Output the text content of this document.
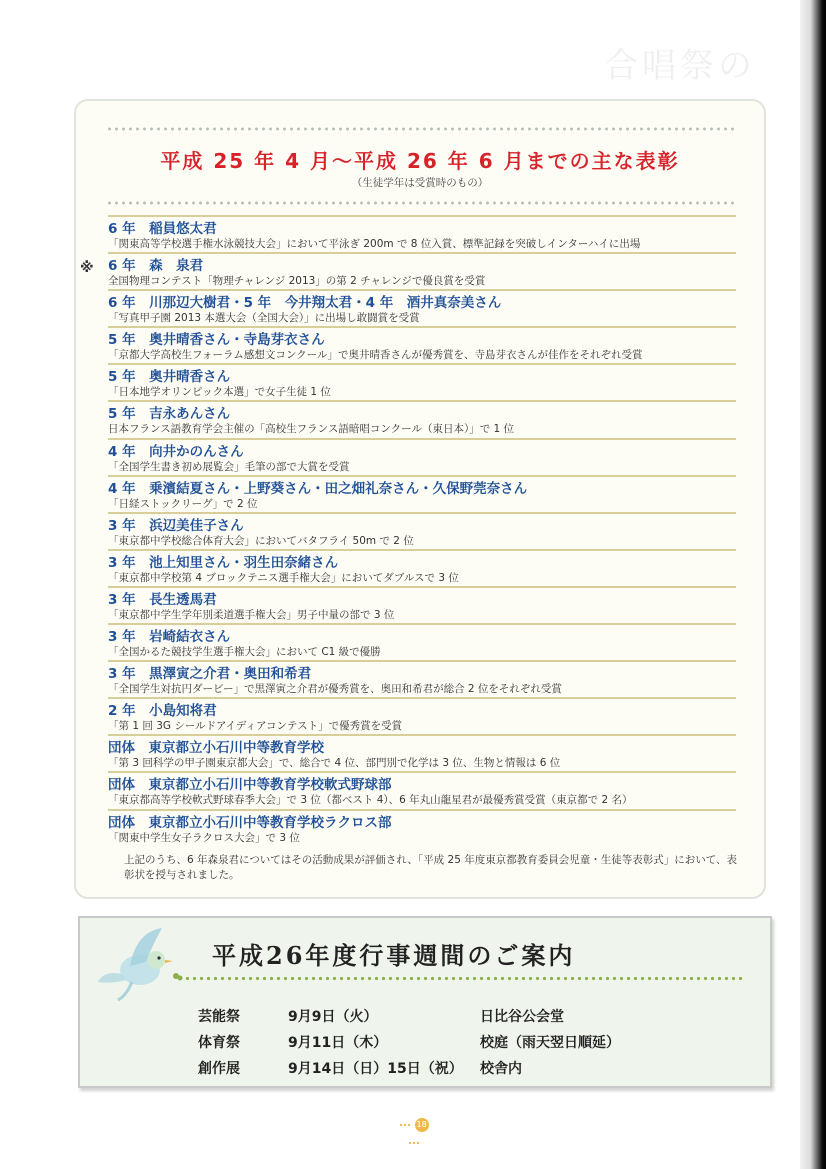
合唱祭の
平成 25 年 4 月～平成 26 年 6 月までの主な表彰
（生徒学年は受賞時のもの）
6 年　稲員悠太君
「関東高等学校選手権水泳競技大会」において平泳ぎ 200m で 8 位入賞、標準記録を突破しインターハイに出場
※ 6 年　森　泉君
全国物理コンテスト「物理チャレンジ 2013」の第 2 チャレンジで優良賞を受賞
6 年　川那辺大樹君・5 年　今井翔太君・4 年　酒井真奈美さん
「写真甲子園 2013 本選大会（全国大会）」に出場し敢闘賞を受賞
5 年　奥井晴香さん・寺島芽衣さん
「京都大学高校生フォーラム感想文コンクール」で奥井晴香さんが優秀賞を、寺島芽衣さんが佳作をそれぞれ受賞
5 年　奥井晴香さん
「日本地学オリンピック本選」で女子生徒 1 位
5 年　吉永あんさん
日本フランス語教育学会主催の「高校生フランス語暗唱コンクール（東日本）」で 1 位
4 年　向井かのんさん
「全国学生書き初め展覧会」毛筆の部で大賞を受賞
4 年　乗濱結夏さん・上野葵さん・田之畑礼奈さん・久保野莞奈さん
「日経ストックリーグ」で 2 位
3 年　浜辺美佳子さん
「東京都中学校総合体育大会」においてバタフライ 50m で 2 位
3 年　池上知里さん・羽生田奈緒さん
「東京都中学校第 4 ブロックテニス選手権大会」においてダブルスで 3 位
3 年　長生透馬君
「東京都中学生学年別柔道選手権大会」男子中量の部で 3 位
3 年　岩崎結衣さん
「全国かるた競技学生選手権大会」において C1 級で優勝
3 年　黒澤寅之介君・奥田和希君
「全国学生対抗円ダービー」で黒澤寅之介君が優秀賞を、奥田和希君が総合 2 位をそれぞれ受賞
2 年　小島知将君
「第 1 回 3G シールドアイディアコンテスト」で優秀賞を受賞
団体　東京都立小石川中等教育学校
「第 3 回科学の甲子園東京都大会」で、総合で 4 位、部門別で化学は 3 位、生物と情報は 6 位
団体　東京都立小石川中等教育学校軟式野球部
「東京都高等学校軟式野球春季大会」で 3 位（都ベスト 4）、6 年丸山龍星君が最優秀賞受賞（東京都で 2 名）
団体　東京都立小石川中等教育学校ラクロス部
「関東中学生女子ラクロス大会」で 3 位

上記のうち、6 年森泉君についてはその活動成果が評価され、「平成 25 年度東京都教育委員会児童・生徒等表彰式」において、表彰状を授与されました。

平成26年度行事週間のご案内
芸能祭	9月9日（火）	日比谷公会堂
体育祭	9月11日（木）	校庭（雨天翌日順延）
創作展	9月14日（日）15日（祝） 校舎内
18
